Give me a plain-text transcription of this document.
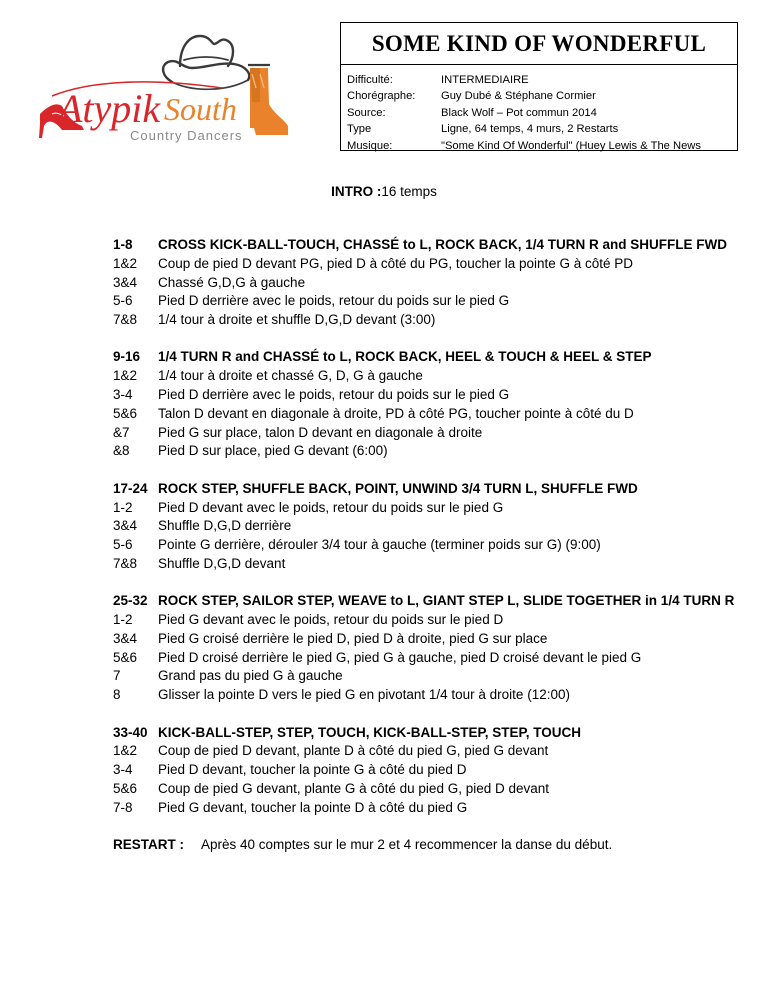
Atypik South
Country Dancers
SOME KIND OF WONDERFUL
Difficulté:	INTERMEDIAIRE
Chorégraphe:	Guy Dubé & Stéphane Cormier
Source:	Black Wolf – Pot commun 2014
Type	Ligne, 64 temps, 4 murs, 2 Restarts
Musique:	"Some Kind Of Wonderful" (Huey Lewis & The News
INTRO :16 temps
1-8	CROSS KICK-BALL-TOUCH, CHASSÉ to L, ROCK BACK, 1/4 TURN R and SHUFFLE FWD
1&2	Coup de pied D devant PG, pied D à côté du PG, toucher la pointe G à côté PD
3&4	Chassé G,D,G à gauche
5-6	Pied D derrière avec le poids, retour du poids sur le pied G
7&8	1/4 tour à droite et shuffle D,G,D devant (3:00)
9-16	1/4 TURN R and CHASSÉ to L, ROCK BACK, HEEL & TOUCH & HEEL & STEP
1&2	1/4 tour à droite et chassé G, D, G à gauche
3-4	Pied D derrière avec le poids, retour du poids sur le pied G
5&6	Talon D devant en diagonale à droite, PD à côté PG, toucher pointe à côté du D
&7	Pied G sur place, talon D devant en diagonale à droite
&8	Pied D sur place, pied G devant (6:00)
17-24 ROCK STEP, SHUFFLE BACK, POINT, UNWIND 3/4 TURN L, SHUFFLE FWD
1-2	Pied D devant avec le poids, retour du poids sur le pied G
3&4	Shuffle D,G,D derrière
5-6	Pointe G derrière, dérouler 3/4 tour à gauche (terminer poids sur G) (9:00)
7&8	Shuffle D,G,D devant
25-32 ROCK STEP, SAILOR STEP, WEAVE to L, GIANT STEP L, SLIDE TOGETHER in 1/4 TURN R
1-2	Pied G devant avec le poids, retour du poids sur le pied D
3&4	Pied G croisé derrière le pied D, pied D à droite, pied G sur place
5&6	Pied D croisé derrière le pied G, pied G à gauche, pied D croisé devant le pied G
7	Grand pas du pied G à gauche
8	Glisser la pointe D vers le pied G en pivotant 1/4 tour à droite (12:00)
33-40 KICK-BALL-STEP, STEP, TOUCH, KICK-BALL-STEP, STEP, TOUCH
1&2	Coup de pied D devant, plante D à côté du pied G, pied G devant
3-4	Pied D devant, toucher la pointe G à côté du pied D
5&6	Coup de pied G devant, plante G à côté du pied G, pied D devant
7-8	Pied G devant, toucher la pointe D à côté du pied G
RESTART :	Après 40 comptes sur le mur 2 et 4 recommencer la danse du début.
